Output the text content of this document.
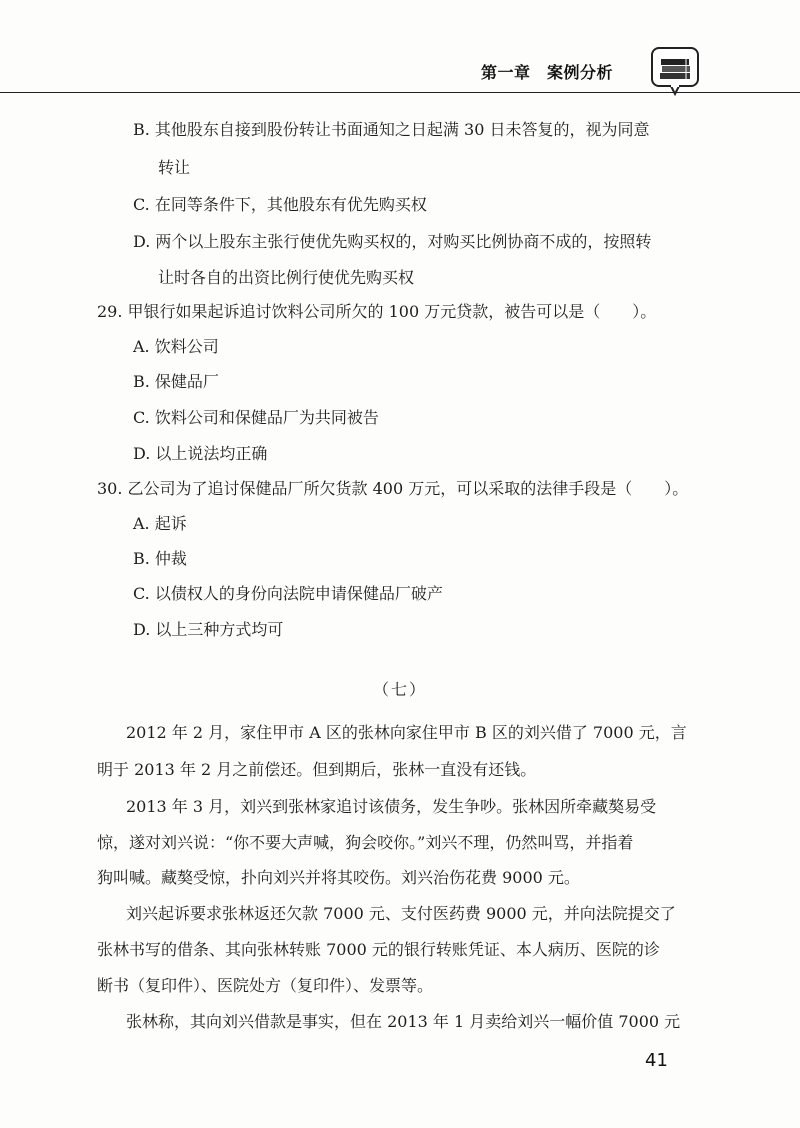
第一章　案例分析
B. 其他股东自接到股份转让书面通知之日起满 30 日未答复的，视为同意
转让
C. 在同等条件下，其他股东有优先购买权
D. 两个以上股东主张行使优先购买权的，对购买比例协商不成的，按照转
让时各自的出资比例行使优先购买权
29. 甲银行如果起诉追讨饮料公司所欠的 100 万元贷款，被告可以是（　　）。
A. 饮料公司
B. 保健品厂
C. 饮料公司和保健品厂为共同被告
D. 以上说法均正确
30. 乙公司为了追讨保健品厂所欠货款 400 万元，可以采取的法律手段是（　　）。
A. 起诉
B. 仲裁
C. 以债权人的身份向法院申请保健品厂破产
D. 以上三种方式均可
（七）
2012 年 2 月，家住甲市 A 区的张林向家住甲市 B 区的刘兴借了 7000 元，言
明于 2013 年 2 月之前偿还。但到期后，张林一直没有还钱。
2013 年 3 月，刘兴到张林家追讨该债务，发生争吵。张林因所牵藏獒易受
惊，遂对刘兴说：“你不要大声喊，狗会咬你。”刘兴不理，仍然叫骂，并指着
狗叫喊。藏獒受惊，扑向刘兴并将其咬伤。刘兴治伤花费 9000 元。
刘兴起诉要求张林返还欠款 7000 元、支付医药费 9000 元，并向法院提交了
张林书写的借条、其向张林转账 7000 元的银行转账凭证、本人病历、医院的诊
断书（复印件）、医院处方（复印件）、发票等。
张林称，其向刘兴借款是事实，但在 2013 年 1 月卖给刘兴一幅价值 7000 元
41
